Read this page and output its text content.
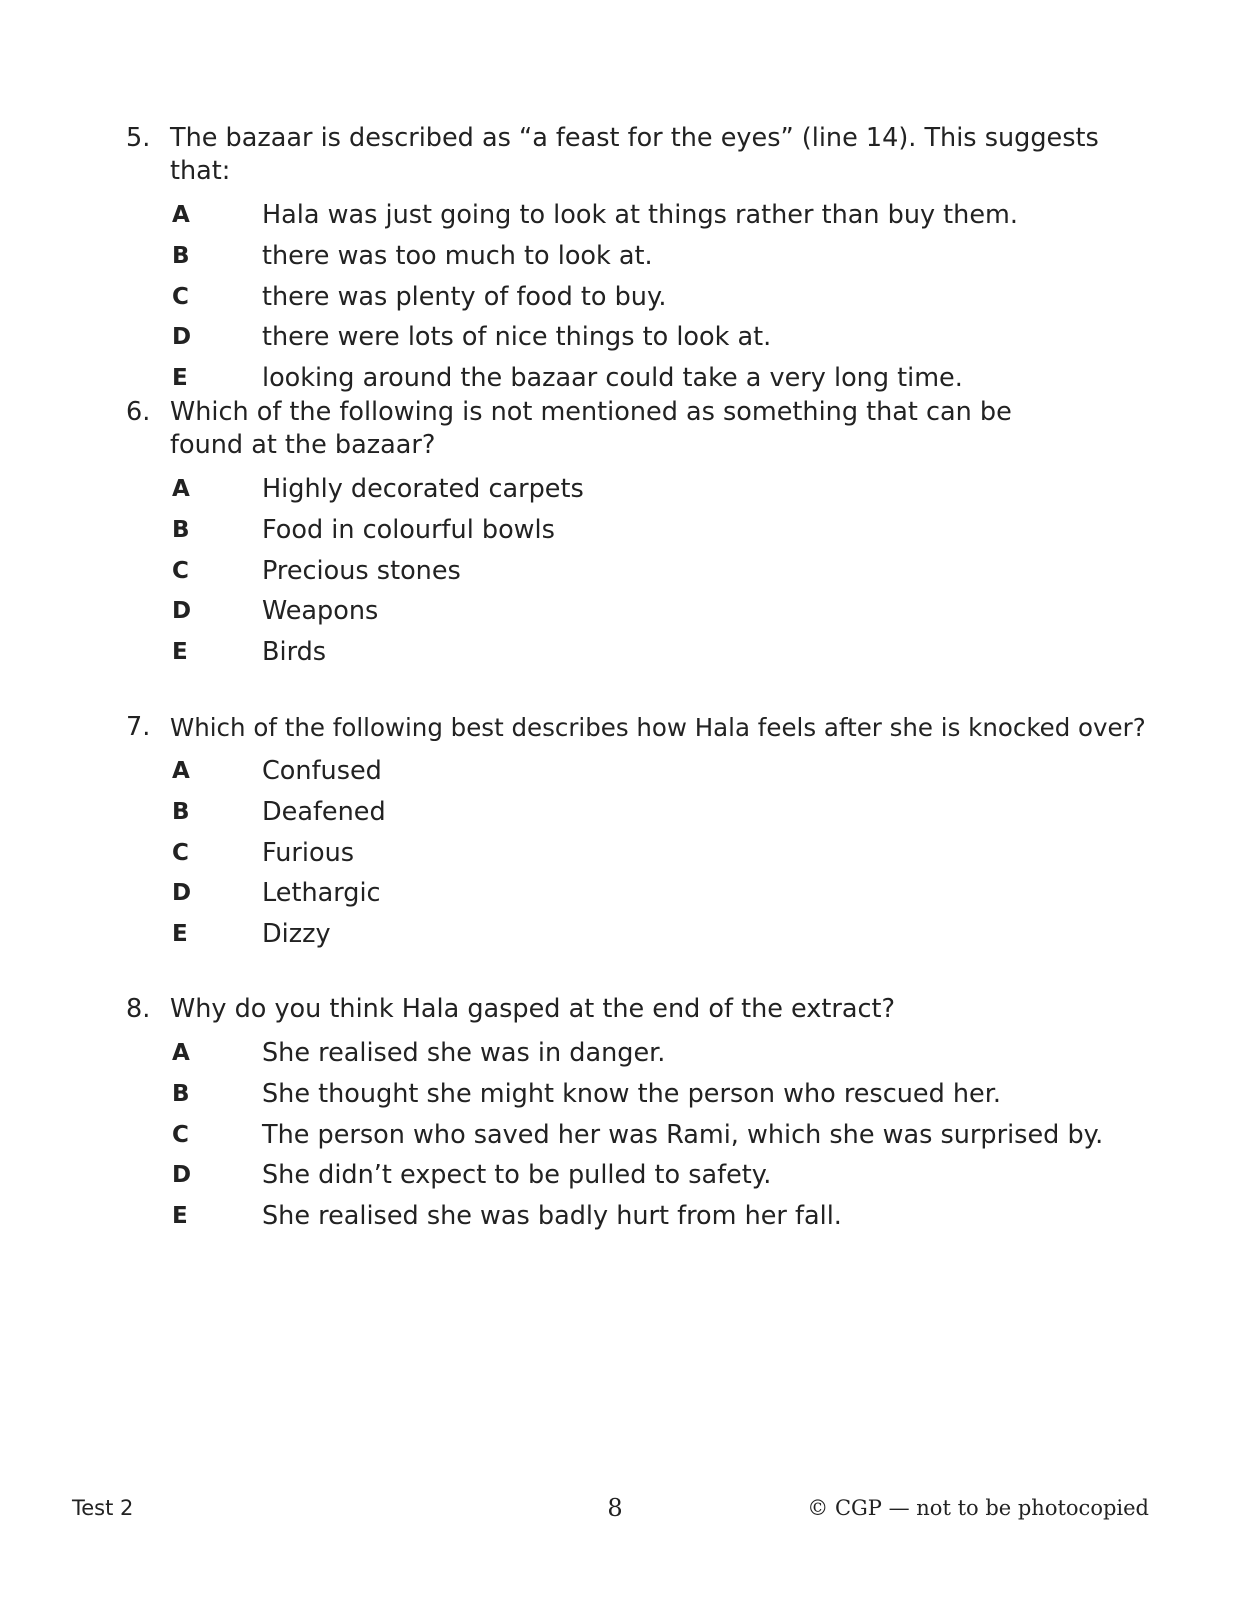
5. The bazaar is described as “a feast for the eyes” (line 14). This suggests that:
A	Hala was just going to look at things rather than buy them.
B	there was too much to look at.
C	there was plenty of food to buy.
D	there were lots of nice things to look at.
E	looking around the bazaar could take a very long time.
6. Which of the following is not mentioned as something that can be found at the bazaar?
A	Highly decorated carpets
B	Food in colourful bowls
C	Precious stones
D	Weapons
E	Birds
7. Which of the following best describes how Hala feels after she is knocked over?
A	Confused
B	Deafened
C	Furious
D	Lethargic
E	Dizzy
8. Why do you think Hala gasped at the end of the extract?
A	She realised she was in danger.
B	She thought she might know the person who rescued her.
C	The person who saved her was Rami, which she was surprised by.
D	She didn’t expect to be pulled to safety.
E	She realised she was badly hurt from her fall.
Test 2	8	© CGP — not to be photocopied
